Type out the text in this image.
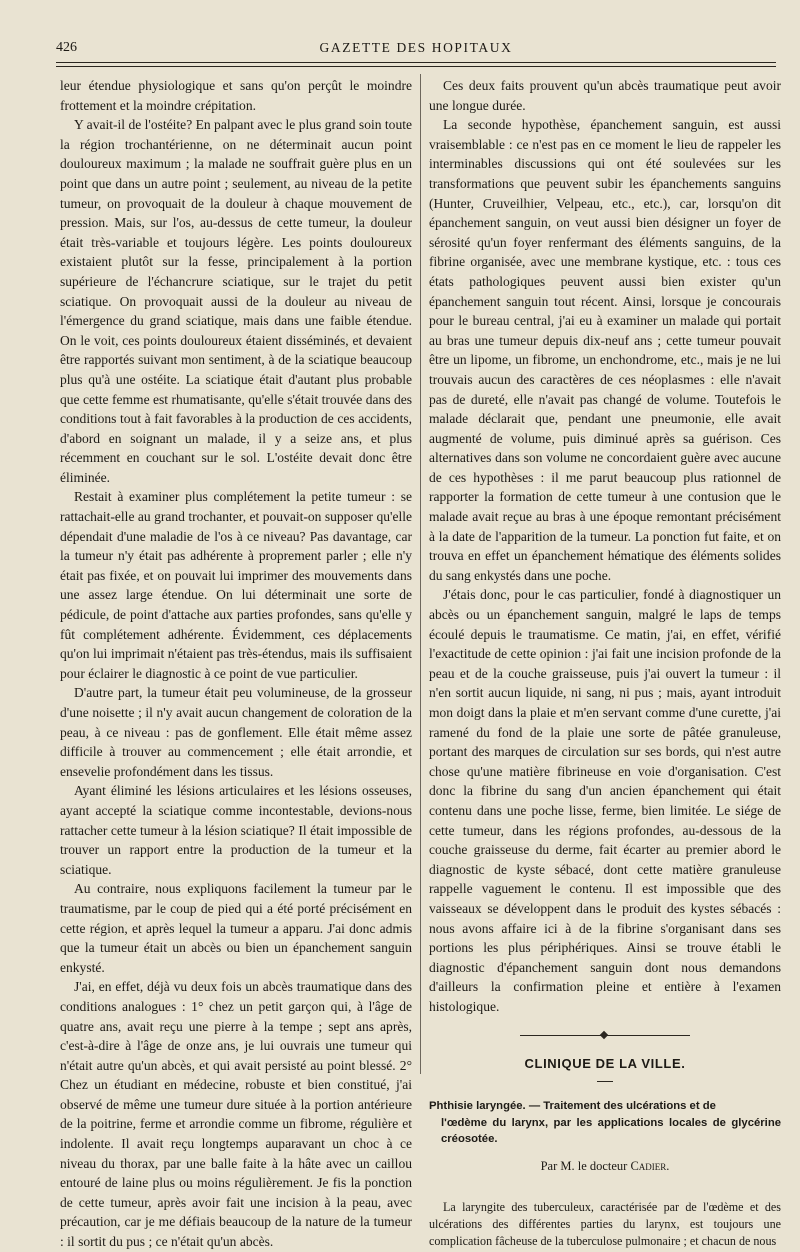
426	GAZETTE DES HOPITAUX

leur étendue physiologique et sans qu'on perçût le moindre frottement et la moindre crépitation.

Y avait-il de l'ostéite? En palpant avec le plus grand soin toute la région trochantérienne, on ne déterminait aucun point douloureux maximum ; la malade ne souffrait guère plus en un point que dans un autre point ; seulement, au niveau de la petite tumeur, on provoquait de la douleur à chaque mouvement de pression. Mais, sur l'os, au-dessus de cette tumeur, la douleur était très-variable et toujours légère. Les points douloureux existaient plutôt sur la fesse, principalement à la portion supérieure de l'échancrure sciatique, sur le trajet du petit sciatique. On provoquait aussi de la douleur au niveau de l'émergence du grand sciatique, mais dans une faible étendue. On le voit, ces points douloureux étaient disséminés, et devaient être rapportés suivant mon sentiment, à de la sciatique beaucoup plus qu'à une ostéite. La sciatique était d'autant plus probable que cette femme est rhumatisante, qu'elle s'était trouvée dans des conditions tout à fait favorables à la production de ces accidents, d'abord en soignant un malade, il y a seize ans, et plus récemment en couchant sur le sol. L'ostéite devait donc être éliminée.

Restait à examiner plus complétement la petite tumeur : se rattachait-elle au grand trochanter, et pouvait-on supposer qu'elle dépendait d'une maladie de l'os à ce niveau? Pas davantage, car la tumeur n'y était pas adhérente à proprement parler ; elle n'y était pas fixée, et on pouvait lui imprimer des mouvements dans une assez large étendue. On lui déterminait une sorte de pédicule, de point d'attache aux parties profondes, sans qu'elle y fût complétement adhérente. Évidemment, ces déplacements qu'on lui imprimait n'étaient pas très-étendus, mais ils suffisaient pour éclairer le diagnostic à ce point de vue particulier.

D'autre part, la tumeur était peu volumineuse, de la grosseur d'une noisette ; il n'y avait aucun changement de coloration de la peau, à ce niveau : pas de gonflement. Elle était même assez difficile à trouver au commencement ; elle était arrondie, et ensevelie profondément dans les tissus.

Ayant éliminé les lésions articulaires et les lésions osseuses, ayant accepté la sciatique comme incontestable, devions-nous rattacher cette tumeur à la lésion sciatique? Il était impossible de trouver un rapport entre la production de la tumeur et la sciatique.

Au contraire, nous expliquons facilement la tumeur par le traumatisme, par le coup de pied qui a été porté précisément en cette région, et après lequel la tumeur a apparu. J'ai donc admis que la tumeur était un abcès ou bien un épanchement sanguin enkysté.

J'ai, en effet, déjà vu deux fois un abcès traumatique dans des conditions analogues : 1° chez un petit garçon qui, à l'âge de quatre ans, avait reçu une pierre à la tempe ; sept ans après, c'est-à-dire à l'âge de onze ans, je lui ouvrais une tumeur qui n'était autre qu'un abcès, et qui avait persisté au point blessé. 2° Chez un étudiant en médecine, robuste et bien constitué, j'ai observé de même une tumeur dure située à la portion antérieure de la poitrine, ferme et arrondie comme un fibrome, régulière et indolente. Il avait reçu longtemps auparavant un choc à ce niveau du thorax, par une balle faite à la hâte avec un caillou entouré de laine plus ou moins régulièrement. Je fis la ponction de cette tumeur, après avoir fait une incision à la peau, avec précaution, car je me défiais beaucoup de la nature de la tumeur : il sortit du pus ; ce n'était qu'un abcès.

Ces deux faits prouvent qu'un abcès traumatique peut avoir une longue durée.

La seconde hypothèse, épanchement sanguin, est aussi vraisemblable : ce n'est pas en ce moment le lieu de rappeler les interminables discussions qui ont été soulevées sur les transformations que peuvent subir les épanchements sanguins (Hunter, Cruveilhier, Velpeau, etc., etc.), car, lorsqu'on dit épanchement sanguin, on veut aussi bien désigner un foyer de sérosité qu'un foyer renfermant des éléments sanguins, de la fibrine organisée, avec une membrane kystique, etc. : tous ces états pathologiques peuvent aussi bien exister qu'un épanchement sanguin tout récent. Ainsi, lorsque je concourais pour le bureau central, j'ai eu à examiner un malade qui portait au bras une tumeur depuis dix-neuf ans ; cette tumeur pouvait être un lipome, un fibrome, un enchondrome, etc., mais je ne lui trouvais aucun des caractères de ces néoplasmes : elle n'avait pas de dureté, elle n'avait pas changé de volume. Toutefois le malade déclarait que, pendant une pneumonie, elle avait augmenté de volume, puis diminué après sa guérison. Ces alternatives dans son volume ne concordaient guère avec aucune de ces hypothèses : il me parut beaucoup plus rationnel de rapporter la formation de cette tumeur à une contusion que le malade avait reçue au bras à une époque remontant précisément à la date de l'apparition de la tumeur. La ponction fut faite, et on trouva en effet un épanchement hématique des éléments solides du sang enkystés dans une poche.

J'étais donc, pour le cas particulier, fondé à diagnostiquer un abcès ou un épanchement sanguin, malgré le laps de temps écoulé depuis le traumatisme. Ce matin, j'ai, en effet, vérifié l'exactitude de cette opinion : j'ai fait une incision profonde de la peau et de la couche graisseuse, puis j'ai ouvert la tumeur : il n'en sortit aucun liquide, ni sang, ni pus ; mais, ayant introduit mon doigt dans la plaie et m'en servant comme d'une curette, j'ai ramené du fond de la plaie une sorte de pâtée granuleuse, portant des marques de circulation sur ses bords, qui n'est autre chose qu'une matière fibrineuse en voie d'organisation. C'est donc la fibrine du sang d'un ancien épanchement qui était contenu dans une poche lisse, ferme, bien limitée. Le siége de cette tumeur, dans les régions profondes, au-dessous de la couche graisseuse du derme, fait écarter au premier abord le diagnostic de kyste sébacé, dont cette matière granuleuse rappelle vaguement le contenu. Il est impossible que des vaisseaux se développent dans le produit des kystes sébacés : nous avons affaire ici à de la fibrine s'organisant dans ses portions les plus périphériques. Ainsi se trouve établi le diagnostic d'épanchement sanguin dont nous demandons d'ailleurs la confirmation pleine et entière à l'examen histologique.

CLINIQUE DE LA VILLE.
Phthisie laryngée. — Traitement des ulcérations et de
l'œdème du larynx, par les applications locales de glycérine créosotée.
Par M. le docteur Cadier.

La laryngite des tuberculeux, caractérisée par de l'œdème et des ulcérations des différentes parties du larynx, est toujours une complication fâcheuse de la tuberculose pulmonaire ; et chacun de nous
